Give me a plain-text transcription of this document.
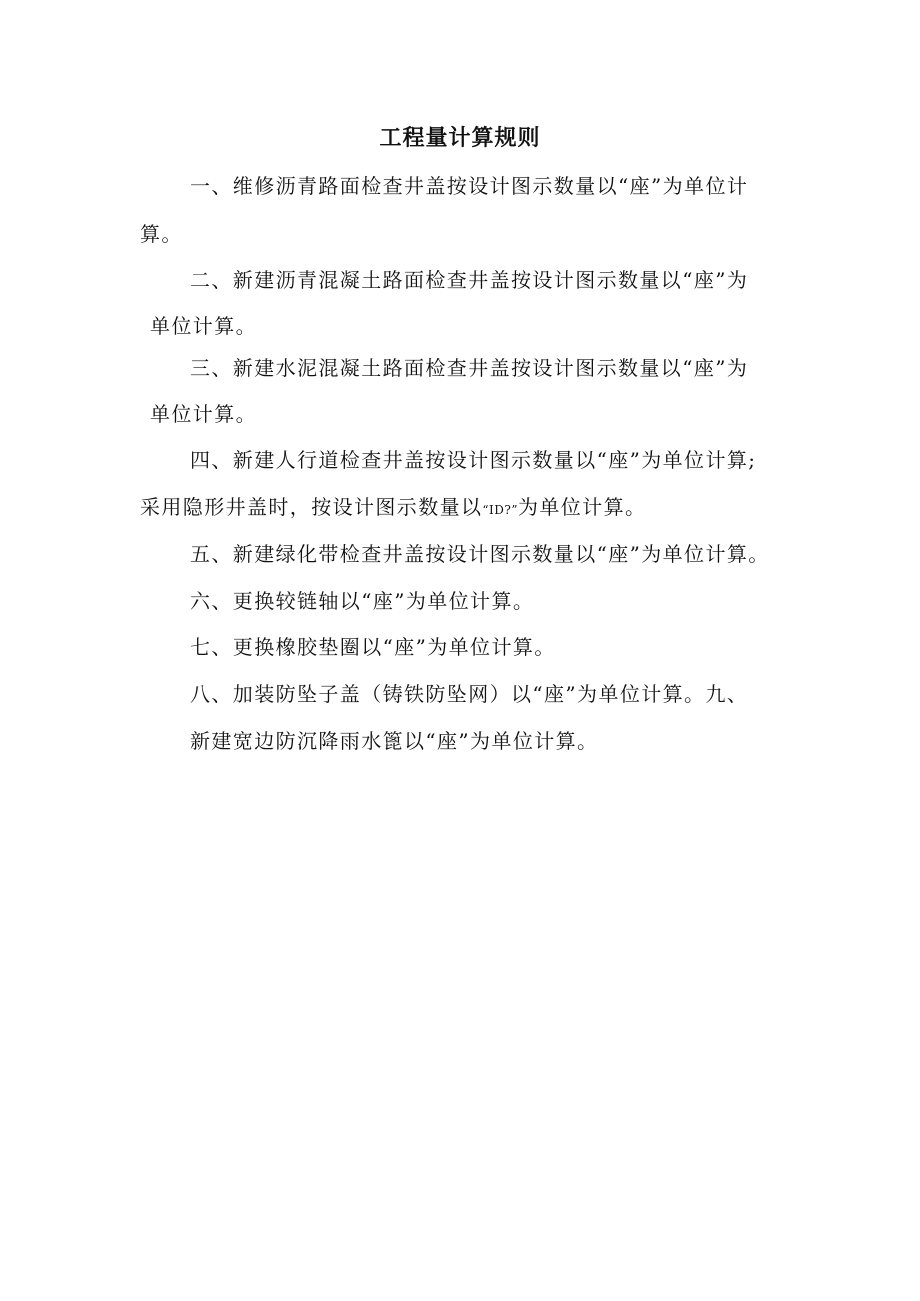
工程量计算规则

一、维修沥青路面检查井盖按设计图示数量以“座”为单位计

算。

二、新建沥青混凝土路面检查井盖按设计图示数量以“座”为

单位计算。

三、新建水泥混凝土路面检查井盖按设计图示数量以“座”为

单位计算。

四、新建人行道检查井盖按设计图示数量以“座”为单位计算;

采用隐形井盖时，按设计图示数量以“ID?”为单位计算。

五、新建绿化带检查井盖按设计图示数量以“座”为单位计算。

六、更换较链轴以“座”为单位计算。

七、更换橡胶垫圈以“座”为单位计算。

八、加装防坠子盖（铸铁防坠网）以“座”为单位计算。九、

新建宽边防沉降雨水篦以“座”为单位计算。
